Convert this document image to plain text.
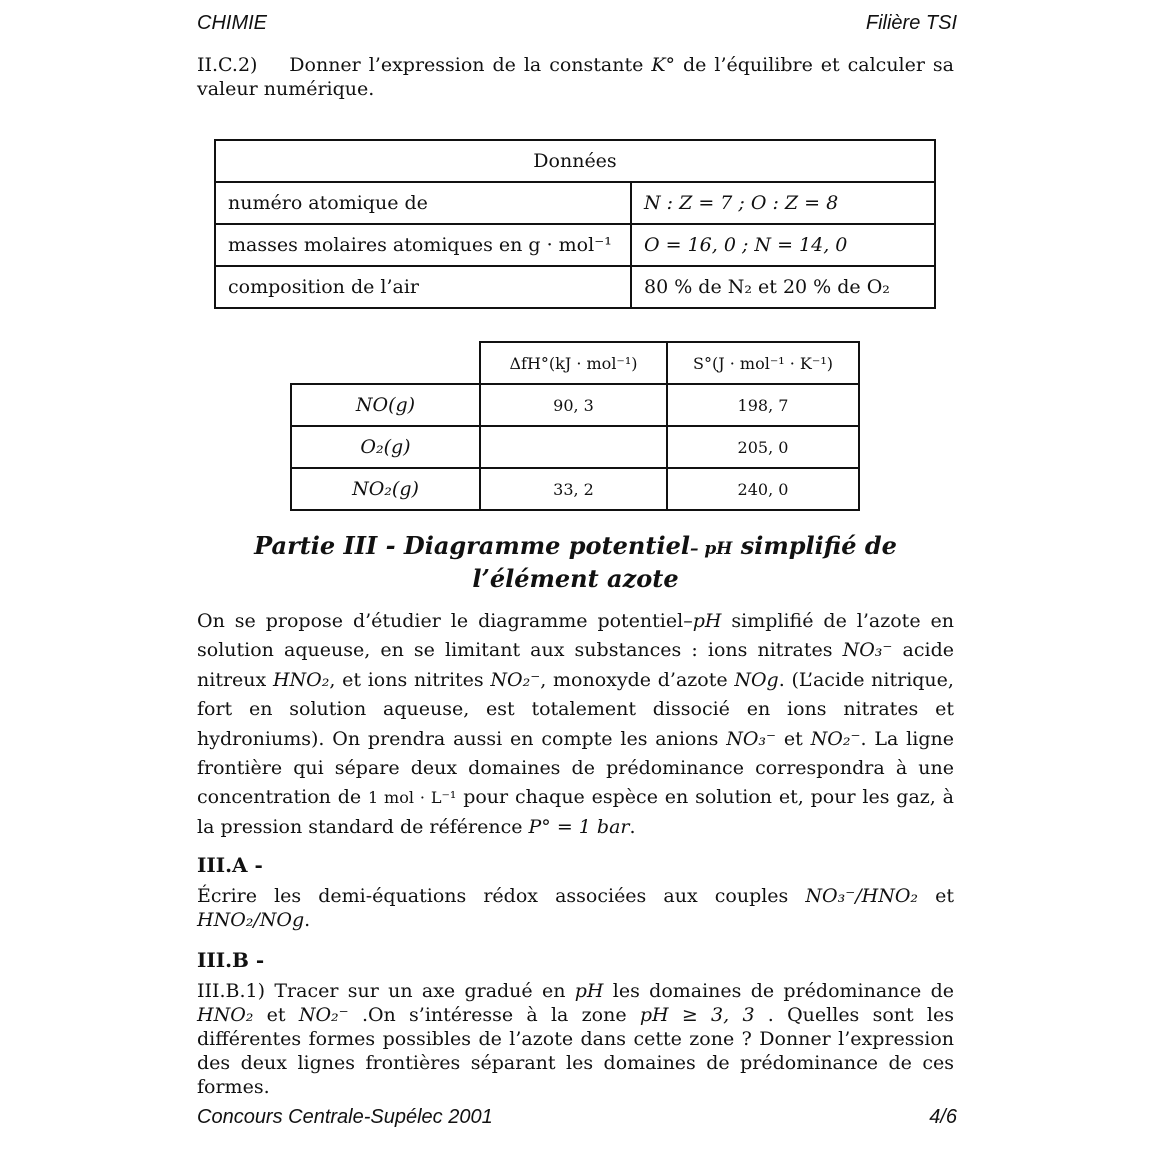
CHIMIE	Filière TSI
II.C.2) Donner l’expression de la constante K° de l’équilibre et calculer sa valeur numérique.
Données	
numéro atomique de	N : Z = 7 ; O : Z = 8
masses molaires atomiques en g · mol⁻¹	O = 16, 0 ; N = 14, 0
composition de l’air	80 % de N₂ et 20 % de O₂
	ΔfH°(kJ · mol⁻¹)	S°(J · mol⁻¹ · K⁻¹)
NO(g)	90, 3	198, 7
O₂(g)		205, 0
NO₂(g)	33, 2	240, 0
Partie III - Diagramme potentiel– pH simplifié de l’élément azote
On se propose d’étudier le diagramme potentiel–pH simplifié de l’azote en solution aqueuse, en se limitant aux substances : ions nitrates NO₃⁻ acide nitreux HNO₂, et ions nitrites NO₂⁻, monoxyde d’azote NOg. (L’acide nitrique, fort en solution aqueuse, est totalement dissocié en ions nitrates et hydroniums). On prendra aussi en compte les anions NO₃⁻ et NO₂⁻. La ligne frontière qui sépare deux domaines de prédominance correspondra à une concentration de 1 mol · L⁻¹ pour chaque espèce en solution et, pour les gaz, à la pression standard de référence P° = 1 bar.
III.A -
Écrire les demi-équations rédox associées aux couples NO₃⁻/HNO₂ et HNO₂/NOg.
III.B -
III.B.1) Tracer sur un axe gradué en pH les domaines de prédominance de HNO₂ et NO₂⁻ .On s’intéresse à la zone pH ≥ 3, 3 . Quelles sont les différentes formes possibles de l’azote dans cette zone ? Donner l’expression des deux lignes frontières séparant les domaines de prédominance de ces formes.
Concours Centrale-Supélec 2001	4/6
